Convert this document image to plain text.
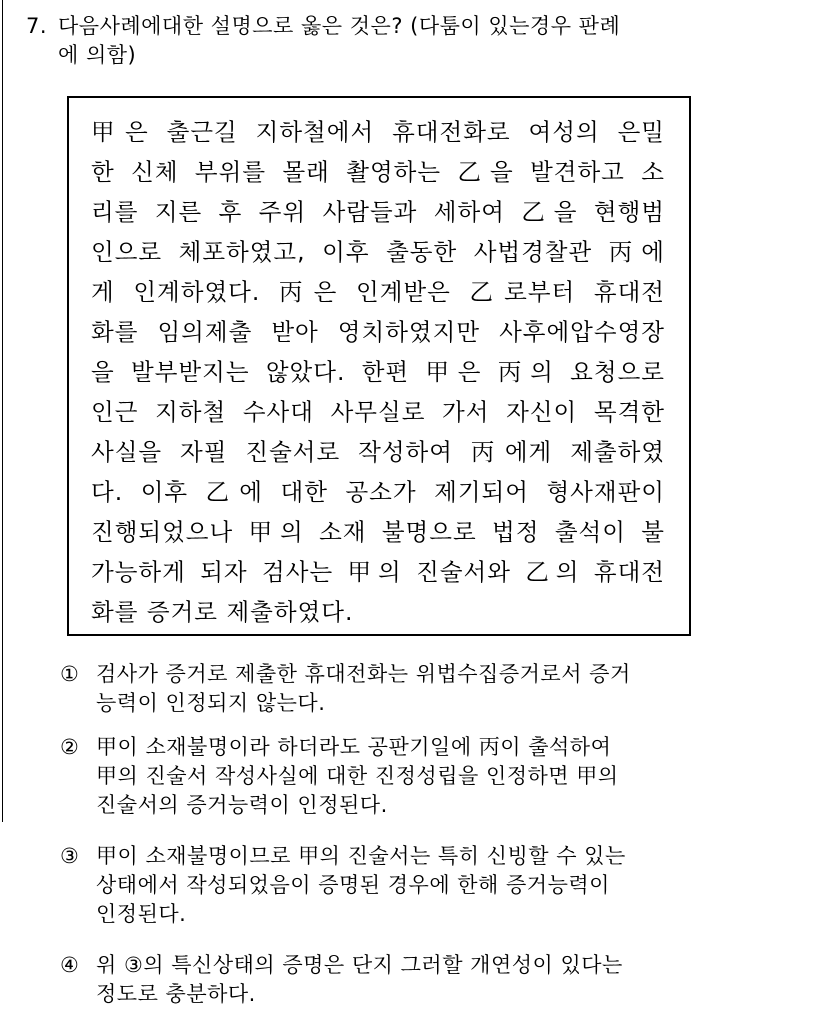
7. 다음사례에대한 설명으로 옳은 것은? (다툼이 있는경우 판례
에 의함)
甲은 출근길 지하철에서 휴대전화로 여성의 은밀
한 신체 부위를 몰래 촬영하는 乙을 발견하고 소
리를 지른 후 주위 사람들과 세하여 乙을 현행범
인으로 체포하였고, 이후 출동한 사법경찰관 丙에
게 인계하였다. 丙은 인계받은 乙로부터 휴대전
화를 임의제출 받아 영치하였지만 사후에압수영장
을 발부받지는 않았다. 한편 甲은 丙의 요청으로
인근 지하철 수사대 사무실로 가서 자신이 목격한
사실을 자필 진술서로 작성하여 丙에게 제출하였
다. 이후 乙에 대한 공소가 제기되어 형사재판이
진행되었으나 甲의 소재 불명으로 법정 출석이 불
가능하게 되자 검사는 甲의 진술서와 乙의 휴대전
화를 증거로 제출하였다.
① 검사가 증거로 제출한 휴대전화는 위법수집증거로서 증거
능력이 인정되지 않는다.
② 甲이 소재불명이라 하더라도 공판기일에 丙이 출석하여
甲의 진술서 작성사실에 대한 진정성립을 인정하면 甲의
진술서의 증거능력이 인정된다.
③ 甲이 소재불명이므로 甲의 진술서는 특히 신빙할 수 있는
상태에서 작성되었음이 증명된 경우에 한해 증거능력이
인정된다.
④ 위 ③의 특신상태의 증명은 단지 그러할 개연성이 있다는
정도로 충분하다.
